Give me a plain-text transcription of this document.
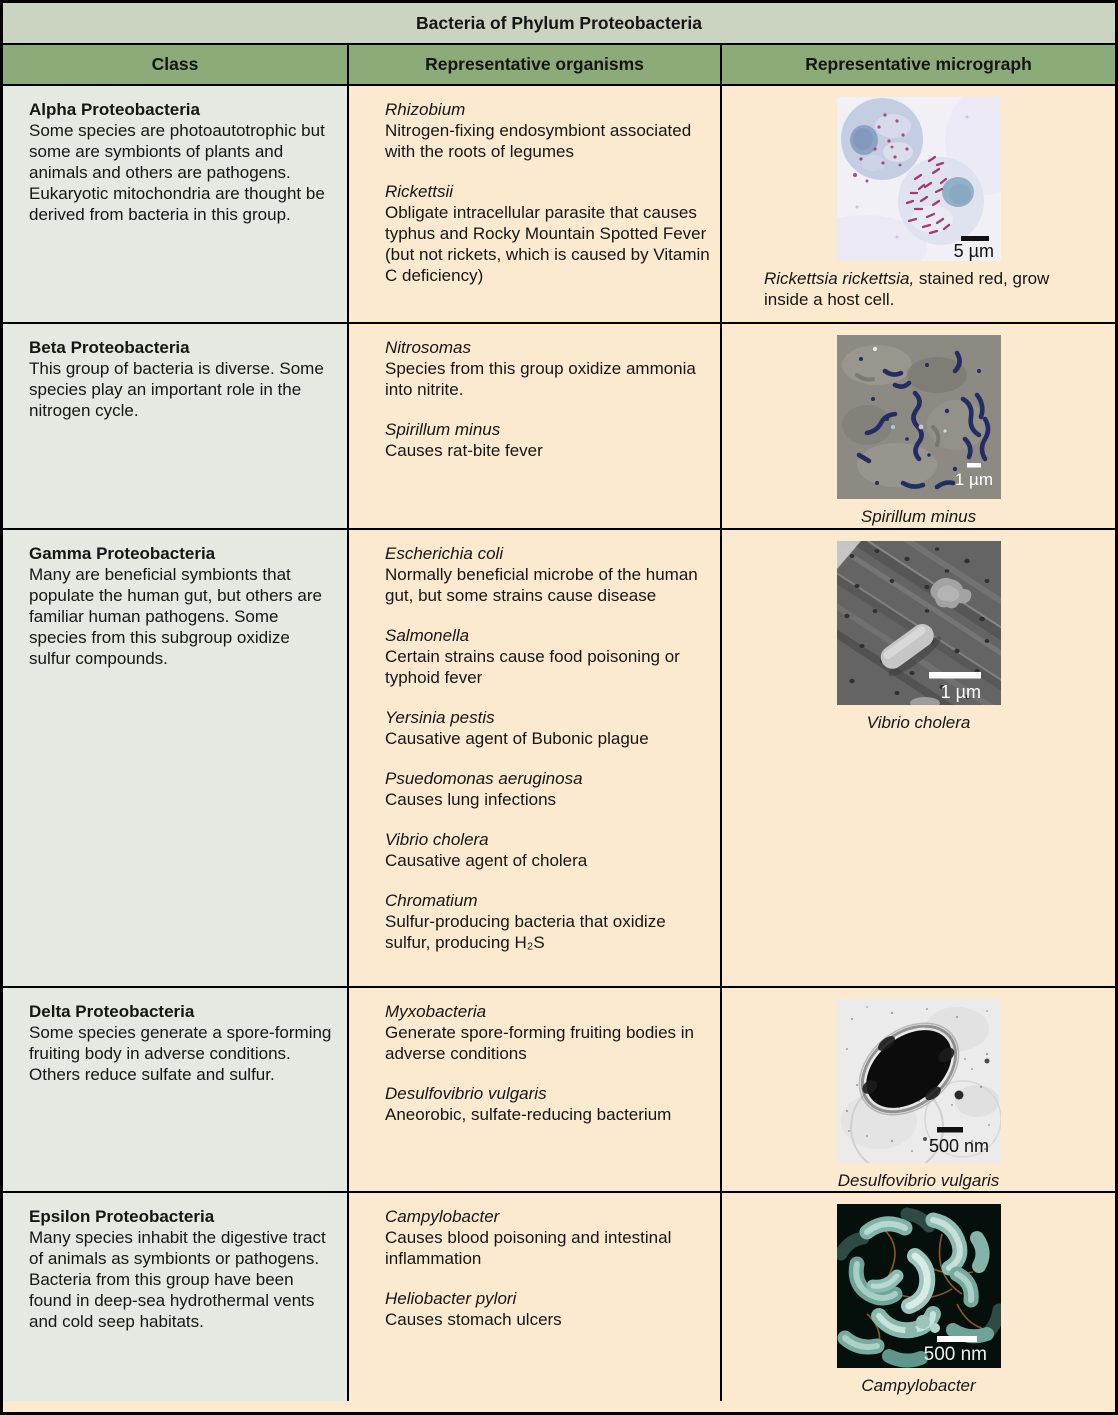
Bacteria of Phylum Proteobacteria
Class	Representative organisms	Representative micrograph
Alpha Proteobacteria
Some species are photoautotrophic but some are symbionts of plants and animals and others are pathogens. Eukaryotic mitochondria are thought be derived from bacteria in this group.
Rhizobium
Nitrogen-fixing endosymbiont associated with the roots of legumes
Rickettsii
Obligate intracellular parasite that causes typhus and Rocky Mountain Spotted Fever (but not rickets, which is caused by Vitamin C deficiency)
5 µm
Rickettsia rickettsia, stained red, grow inside a host cell.
Beta Proteobacteria
This group of bacteria is diverse. Some species play an important role in the nitrogen cycle.
Nitrosomas
Species from this group oxidize ammonia into nitrite.
Spirillum minus
Causes rat-bite fever
1 µm
Spirillum minus
Gamma Proteobacteria
Many are beneficial symbionts that populate the human gut, but others are familiar human pathogens. Some species from this subgroup oxidize sulfur compounds.
Escherichia coli
Normally beneficial microbe of the human gut, but some strains cause disease
Salmonella
Certain strains cause food poisoning or typhoid fever
Yersinia pestis
Causative agent of Bubonic plague
Psuedomonas aeruginosa
Causes lung infections
Vibrio cholera
Causative agent of cholera
Chromatium
Sulfur-producing bacteria that oxidize sulfur, producing H₂S
1 µm
Vibrio cholera
Delta Proteobacteria
Some species generate a spore-forming fruiting body in adverse conditions. Others reduce sulfate and sulfur.
Myxobacteria
Generate spore-forming fruiting bodies in adverse conditions
Desulfovibrio vulgaris
Aneorobic, sulfate-reducing bacterium
500 nm
Desulfovibrio vulgaris
Epsilon Proteobacteria
Many species inhabit the digestive tract of animals as symbionts or pathogens. Bacteria from this group have been found in deep-sea hydrothermal vents and cold seep habitats.
Campylobacter
Causes blood poisoning and intestinal inflammation
Heliobacter pylori
Causes stomach ulcers
500 nm
Campylobacter
